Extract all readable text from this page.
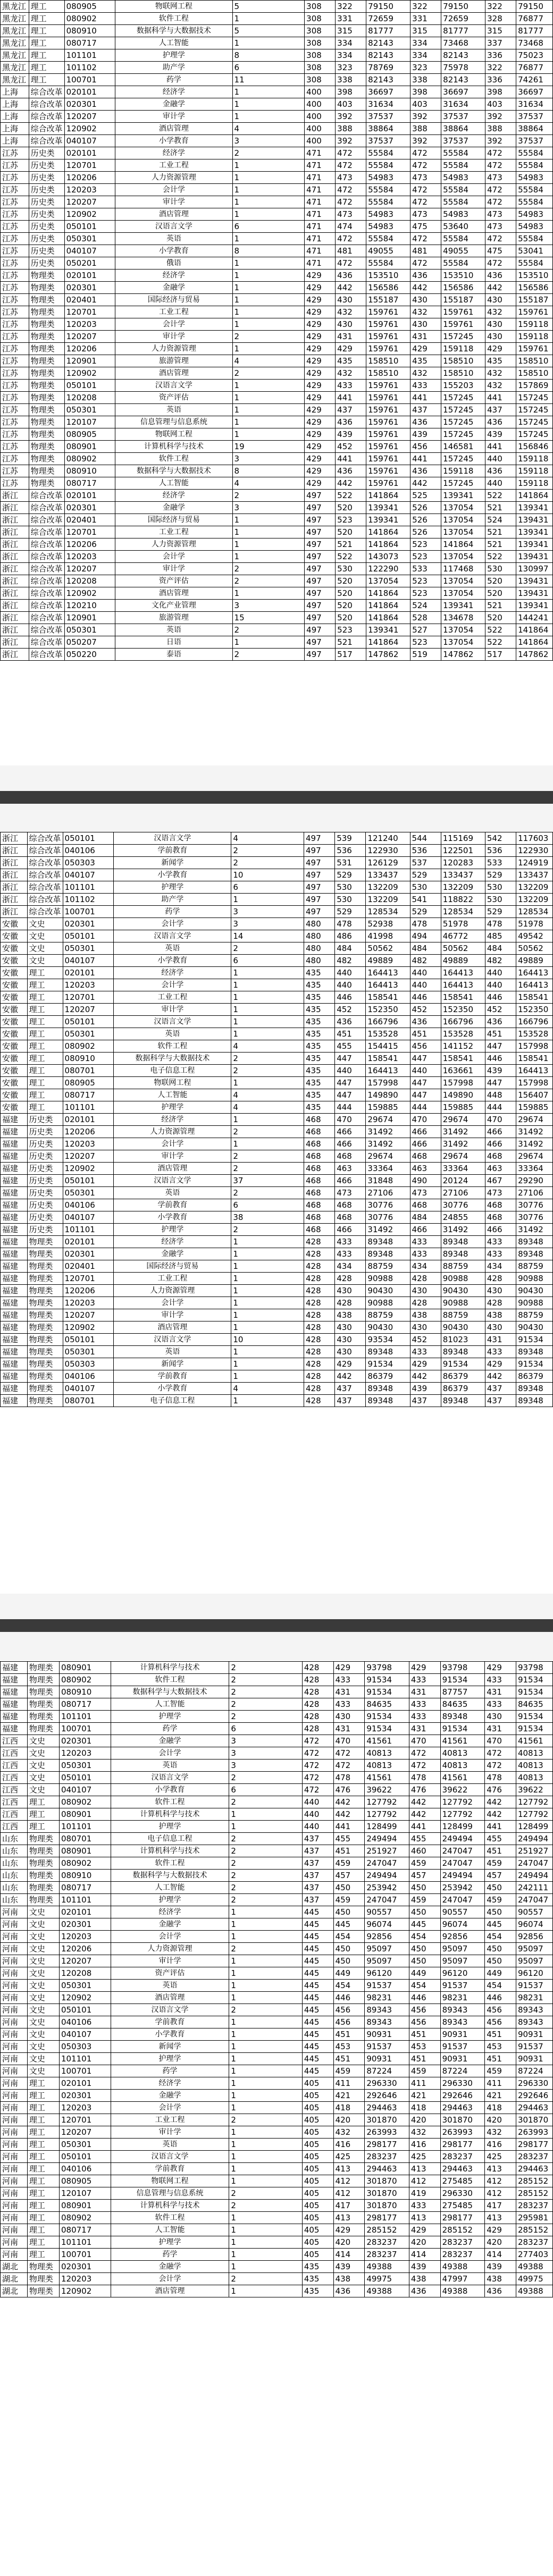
黑龙江	理工	080905	物联网工程	5	308	322	79150	322	79150	322	79150
黑龙江	理工	080902	软件工程	1	308	331	72659	331	72659	328	76877
黑龙江	理工	080910	数据科学与大数据技术	5	308	315	81777	315	81777	315	81777
黑龙江	理工	080717	人工智能	1	308	334	82143	334	73468	337	73468
黑龙江	理工	101101	护理学	8	308	334	82143	334	82143	336	75023
黑龙江	理工	101102	助产学	6	308	323	78769	323	75978	322	76877
黑龙江	理工	100701	药学	11	308	338	82143	338	82143	336	74261
上海	综合改革	020101	经济学	1	400	398	36697	398	36697	398	36697
上海	综合改革	020301	金融学	1	400	403	31634	403	31634	403	31634
上海	综合改革	120207	审计学	1	400	392	37537	392	37537	392	37537
上海	综合改革	120902	酒店管理	4	400	388	38864	388	38864	388	38864
上海	综合改革	040107	小学教育	3	400	392	37537	392	37537	392	37537
江苏	历史类	020101	经济学	2	471	472	55584	472	55584	472	55584
江苏	历史类	120701	工业工程	1	471	472	55584	472	55584	472	55584
江苏	历史类	120206	人力资源管理	1	471	473	54983	473	54983	473	54983
江苏	历史类	120203	会计学	1	471	472	55584	472	55584	472	55584
江苏	历史类	120207	审计学	1	471	472	55584	472	55584	472	55584
江苏	历史类	120902	酒店管理	1	471	473	54983	473	54983	473	54983
江苏	历史类	050101	汉语言文学	6	471	474	54983	475	53640	473	54983
江苏	历史类	050301	英语	1	471	472	55584	472	55584	472	55584
江苏	历史类	040107	小学教育	8	471	481	49055	481	49055	475	53041
江苏	历史类	050201	俄语	1	471	472	55584	472	55584	472	55584
江苏	物理类	020101	经济学	1	429	436	153510	436	153510	436	153510
江苏	物理类	020301	金融学	1	429	442	156586	442	156586	442	156586
江苏	物理类	020401	国际经济与贸易	1	429	430	155187	430	155187	430	155187
江苏	物理类	120701	工业工程	1	429	432	159761	432	159761	432	159761
江苏	物理类	120203	会计学	1	429	430	159761	430	159761	430	159118
江苏	物理类	120207	审计学	2	429	431	159761	431	157245	430	159118
江苏	物理类	120206	人力资源管理	1	429	429	159761	429	159118	429	159761
江苏	物理类	120901	旅游管理	4	429	435	158510	435	158510	435	158510
江苏	物理类	120902	酒店管理	2	429	432	158510	432	158510	432	158510
江苏	物理类	050101	汉语言文学	1	429	433	159761	433	155203	432	157869
江苏	物理类	120208	资产评估	1	429	441	159761	441	157245	441	157245
江苏	物理类	050301	英语	1	429	437	159761	437	157245	437	157245
江苏	物理类	120107	信息管理与信息系统	1	429	436	159761	436	157245	436	157245
江苏	物理类	080905	物联网工程	1	429	439	159761	439	157245	439	157245
江苏	物理类	080901	计算机科学与技术	19	429	452	159761	456	146581	441	156846
江苏	物理类	080902	软件工程	3	429	441	159761	441	157245	440	159118
江苏	物理类	080910	数据科学与大数据技术	8	429	436	159761	436	159118	436	159118
江苏	物理类	080717	人工智能	4	429	442	159761	442	157245	440	159118
浙江	综合改革	020101	经济学	2	497	522	141864	525	139341	522	141864
浙江	综合改革	020301	金融学	3	497	520	139341	526	137054	521	139341
浙江	综合改革	020401	国际经济与贸易	1	497	523	139341	526	137054	524	139431
浙江	综合改革	120701	工业工程	1	497	520	141864	526	137054	521	139341
浙江	综合改革	120206	人力资源管理	1	497	521	141864	523	141864	521	139341
浙江	综合改革	120203	会计学	1	497	522	143073	523	137054	522	139431
浙江	综合改革	120207	审计学	2	497	530	122290	533	117468	530	130997
浙江	综合改革	120208	资产评估	2	497	520	137054	523	137054	520	139431
浙江	综合改革	120902	酒店管理	1	497	520	141864	523	137054	520	139431
浙江	综合改革	120210	文化产业管理	3	497	520	141864	524	139341	521	139341
浙江	综合改革	120901	旅游管理	15	497	520	141864	528	134678	520	144241
浙江	综合改革	050301	英语	2	497	523	139341	527	137054	522	141864
浙江	综合改革	050207	日语	1	497	521	141864	523	137054	522	141864
浙江	综合改革	050220	泰语	2	497	517	147862	519	147862	517	147862
浙江	综合改革	050101	汉语言文学	4	497	539	121240	544	115169	542	117603
浙江	综合改革	040106	学前教育	2	497	536	122930	536	122501	536	122930
浙江	综合改革	050303	新闻学	2	497	531	126129	537	120283	533	124919
浙江	综合改革	040107	小学教育	10	497	529	133437	529	133437	529	133437
浙江	综合改革	101101	护理学	6	497	530	132209	530	132209	530	132209
浙江	综合改革	101102	助产学	1	497	530	132209	541	118822	530	132209
浙江	综合改革	100701	药学	3	497	529	128534	529	128534	529	128534
安徽	文史	020301	会计学	3	480	478	52938	478	51978	478	51978
安徽	文史	050101	汉语言文学	14	480	486	41998	494	46772	485	49542
安徽	文史	050301	英语	2	480	484	50562	484	50562	484	50562
安徽	文史	040107	小学教育	6	480	482	49889	482	49889	482	49889
安徽	理工	020101	经济学	1	435	440	164413	440	164413	440	164413
安徽	理工	120203	会计学	1	435	440	164413	440	164413	440	164413
安徽	理工	120701	工业工程	1	435	446	158541	446	158541	446	158541
安徽	理工	120207	审计学	1	435	452	152350	452	152350	452	152350
安徽	理工	050101	汉语言文学	1	435	436	166796	436	166796	436	166796
安徽	理工	050301	英语	1	435	451	153528	451	153528	451	153528
安徽	理工	080902	软件工程	4	435	455	154415	456	141152	447	157998
安徽	理工	080910	数据科学与大数据技术	2	435	447	158541	447	158541	446	158541
安徽	理工	080701	电子信息工程	2	435	440	164413	440	163661	439	164413
安徽	理工	080905	物联网工程	1	435	447	157998	447	157998	447	157998
安徽	理工	080717	人工智能	4	435	447	149890	447	149890	448	156407
安徽	理工	101101	护理学	4	435	444	159885	444	159885	444	159885
福建	历史类	020101	经济学	1	468	470	29674	470	29674	470	29674
福建	历史类	120206	人力资源管理	2	468	466	31492	466	31492	466	31492
福建	历史类	120203	会计学	1	468	466	31492	466	31492	466	31492
福建	历史类	120207	审计学	2	468	468	29674	468	29674	468	29674
福建	历史类	120902	酒店管理	2	468	463	33364	463	33364	463	33364
福建	历史类	050101	汉语言文学	37	468	466	31848	490	20124	467	29290
福建	历史类	050301	英语	2	468	473	27106	473	27106	473	27106
福建	历史类	040106	学前教育	6	468	468	30776	468	30776	468	30776
福建	历史类	040107	小学教育	38	468	468	30776	484	24855	468	30776
福建	历史类	101101	护理学	2	468	466	31492	466	31492	466	31492
福建	物理类	020101	经济学	1	428	433	89348	433	89348	433	89348
福建	物理类	020301	金融学	1	428	433	89348	433	89348	433	89348
福建	物理类	020401	国际经济与贸易	1	428	434	88759	434	88759	434	88759
福建	物理类	120701	工业工程	1	428	428	90988	428	90988	428	90988
福建	物理类	120206	人力资源管理	1	428	430	90430	430	90430	430	90430
福建	物理类	120203	会计学	1	428	428	90988	428	90988	428	90988
福建	物理类	120207	审计学	1	428	438	88759	438	88759	438	88759
福建	物理类	120902	酒店管理	1	428	430	90430	430	90430	430	90430
福建	物理类	050101	汉语言文学	10	428	430	93534	452	81023	431	91534
福建	物理类	050301	英语	1	428	430	89348	433	89348	433	89348
福建	物理类	050303	新闻学	1	428	429	91534	429	91534	429	91534
福建	物理类	040106	学前教育	1	428	442	86379	442	86379	442	86379
福建	物理类	040107	小学教育	4	428	437	89348	439	86379	437	89348
福建	物理类	080701	电子信息工程	1	428	437	89348	437	89348	437	89348
福建	物理类	080901	计算机科学与技术	2	428	429	93798	429	93798	429	93798
福建	物理类	080902	软件工程	2	428	433	91534	433	91534	433	91534
福建	物理类	080910	数据科学与大数据技术	2	428	431	91534	431	87757	431	91534
福建	物理类	080717	人工智能	2	428	433	84635	433	84635	433	84635
福建	物理类	101101	护理学	2	428	430	91534	433	89348	430	91534
福建	物理类	100701	药学	6	428	431	91534	431	91534	431	91534
江西	文史	020301	金融学	3	472	470	41561	470	41561	470	41561
江西	文史	120203	会计学	3	472	472	40813	472	40813	472	40813
江西	文史	050301	英语	3	472	472	40813	472	40813	472	40813
江西	文史	050101	汉语言文学	2	472	478	41561	478	41561	478	40813
江西	文史	040107	小学教育	6	472	476	39622	476	39622	476	39622
江西	理工	080902	软件工程	2	440	442	127792	442	127792	442	127792
江西	理工	080901	计算机科学与技术	1	440	442	127792	442	127792	442	127792
江西	理工	101101	护理学	1	440	441	128499	441	128499	441	128499
山东	物理类	080701	电子信息工程	2	437	455	249494	455	249494	455	249494
山东	物理类	080901	计算机科学与技术	2	437	451	251927	460	247047	451	251927
山东	物理类	080902	软件工程	2	437	459	247047	459	247047	459	247047
山东	物理类	080910	数据科学与大数据技术	2	437	457	249494	457	249494	457	249494
山东	物理类	080717	人工智能	2	437	450	253942	450	253942	450	242111
山东	物理类	101101	护理学	2	437	459	247047	459	247047	459	247047
河南	文史	020101	经济学	1	445	450	90557	450	90557	450	90557
河南	文史	020301	金融学	1	445	445	96074	445	96074	445	96074
河南	文史	120203	会计学	1	445	454	92856	454	92856	454	92856
河南	文史	120206	人力资源管理	2	445	450	95097	450	95097	450	95097
河南	文史	120207	审计学	1	445	450	95097	450	95097	450	95097
河南	文史	120208	资产评估	1	445	449	96120	449	96120	449	96120
河南	文史	050301	英语	1	445	454	91537	454	91537	454	91537
河南	文史	120902	酒店管理	1	445	446	98231	446	98231	446	98231
河南	文史	050101	汉语言文学	2	445	456	89343	456	89343	456	89343
河南	文史	040106	学前教育	1	445	456	89343	456	89343	456	89343
河南	文史	040107	小学教育	1	445	451	90931	451	90931	451	90931
河南	文史	050303	新闻学	1	445	453	91537	453	91537	453	91537
河南	文史	101101	护理学	1	445	451	90931	451	90931	451	90931
河南	文史	100701	药学	1	445	459	87224	459	87224	459	87224
河南	理工	020101	经济学	1	405	411	296330	411	296330	411	296330
河南	理工	020301	金融学	1	405	421	292646	421	292646	421	292646
河南	理工	120203	会计学	1	405	418	294463	418	294463	418	294463
河南	理工	120701	工业工程	2	405	420	301870	420	301870	420	301870
河南	理工	120207	审计学	1	405	432	263993	432	263993	432	263993
河南	理工	050301	英语	1	405	416	298177	416	298177	416	298177
河南	理工	050101	汉语言文学	1	405	425	283237	425	283237	425	283237
河南	理工	040106	学前教育	1	405	413	294463	413	294463	413	294463
河南	理工	080905	物联网工程	1	405	412	301870	412	275485	412	285152
河南	理工	120107	信息管理与信息系统	2	405	412	301870	419	296330	412	285152
河南	理工	080901	计算机科学与技术	2	405	417	301870	433	275485	417	283237
河南	理工	080902	软件工程	1	405	413	298177	413	298177	413	295981
河南	理工	080717	人工智能	1	405	429	285152	429	285152	429	285152
河南	理工	101101	护理学	1	405	420	283237	420	283237	420	283237
河南	理工	100701	药学	1	405	414	283237	414	283237	414	277403
湖北	物理类	020301	金融学	1	435	439	49388	439	49388	439	49388
湖北	物理类	120203	会计学	2	435	438	49975	438	47997	438	49975
湖北	物理类	120902	酒店管理	1	435	436	49388	436	49388	436	49388
